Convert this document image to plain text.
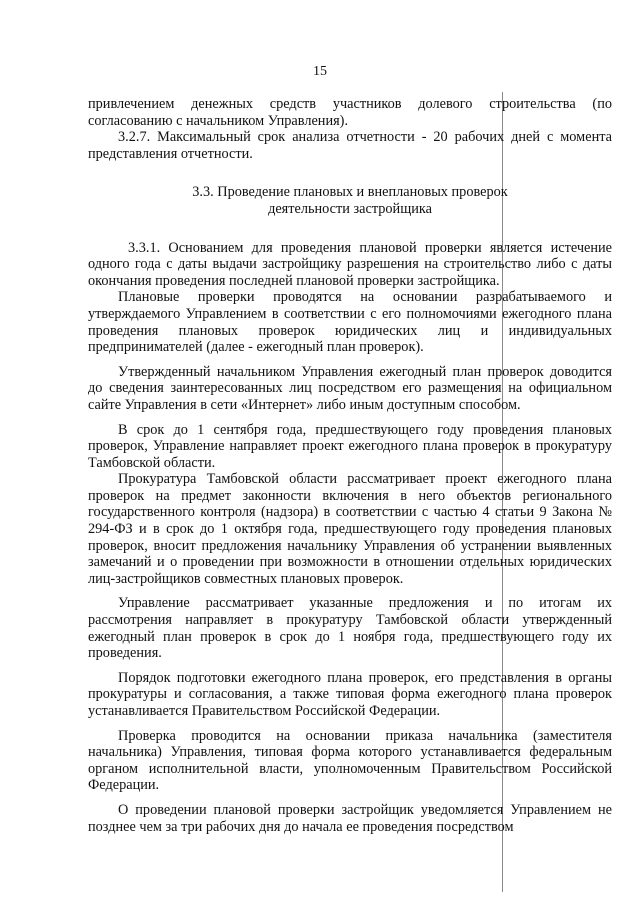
15

привлечением денежных средств участников долевого строительства (по согласованию с начальником Управления).

3.2.7. Максимальный срок анализа отчетности - 20 рабочих дней с момента представления отчетности.

3.3. Проведение плановых и внеплановых проверок
деятельности застройщика

3.3.1. Основанием для проведения плановой проверки является истечение одного года с даты выдачи застройщику разрешения на строительство либо с даты окончания проведения последней плановой проверки застройщика.

Плановые проверки проводятся на основании разрабатываемого и утверждаемого Управлением в соответствии с его полномочиями ежегодного плана проведения плановых проверок юридических лиц и индивидуальных предпринимателей (далее - ежегодный план проверок).

Утвержденный начальником Управления ежегодный план проверок доводится до сведения заинтересованных лиц посредством его размещения на официальном сайте Управления в сети «Интернет» либо иным доступным способом.

В срок до 1 сентября года, предшествующего году проведения плановых проверок, Управление направляет проект ежегодного плана проверок в прокуратуру Тамбовской области.

Прокуратура Тамбовской области рассматривает проект ежегодного плана проверок на предмет законности включения в него объектов регионального государственного контроля (надзора) в соответствии с частью 4 статьи 9 Закона № 294-ФЗ и в срок до 1 октября года, предшествующего году проведения плановых проверок, вносит предложения начальнику Управления об устранении выявленных замечаний и о проведении при возможности в отношении отдельных юридических лиц-застройщиков совместных плановых проверок.

Управление рассматривает указанные предложения и по итогам их рассмотрения направляет в прокуратуру Тамбовской области утвержденный ежегодный план проверок в срок до 1 ноября года, предшествующего году их проведения.

Порядок подготовки ежегодного плана проверок, его представления в органы прокуратуры и согласования, а также типовая форма ежегодного плана проверок устанавливается Правительством Российской Федерации.

Проверка проводится на основании приказа начальника (заместителя начальника) Управления, типовая форма которого устанавливается федеральным органом исполнительной власти, уполномоченным Правительством Российской Федерации.

О проведении плановой проверки застройщик уведомляется Управлением не позднее чем за три рабочих дня до начала ее проведения посредством
